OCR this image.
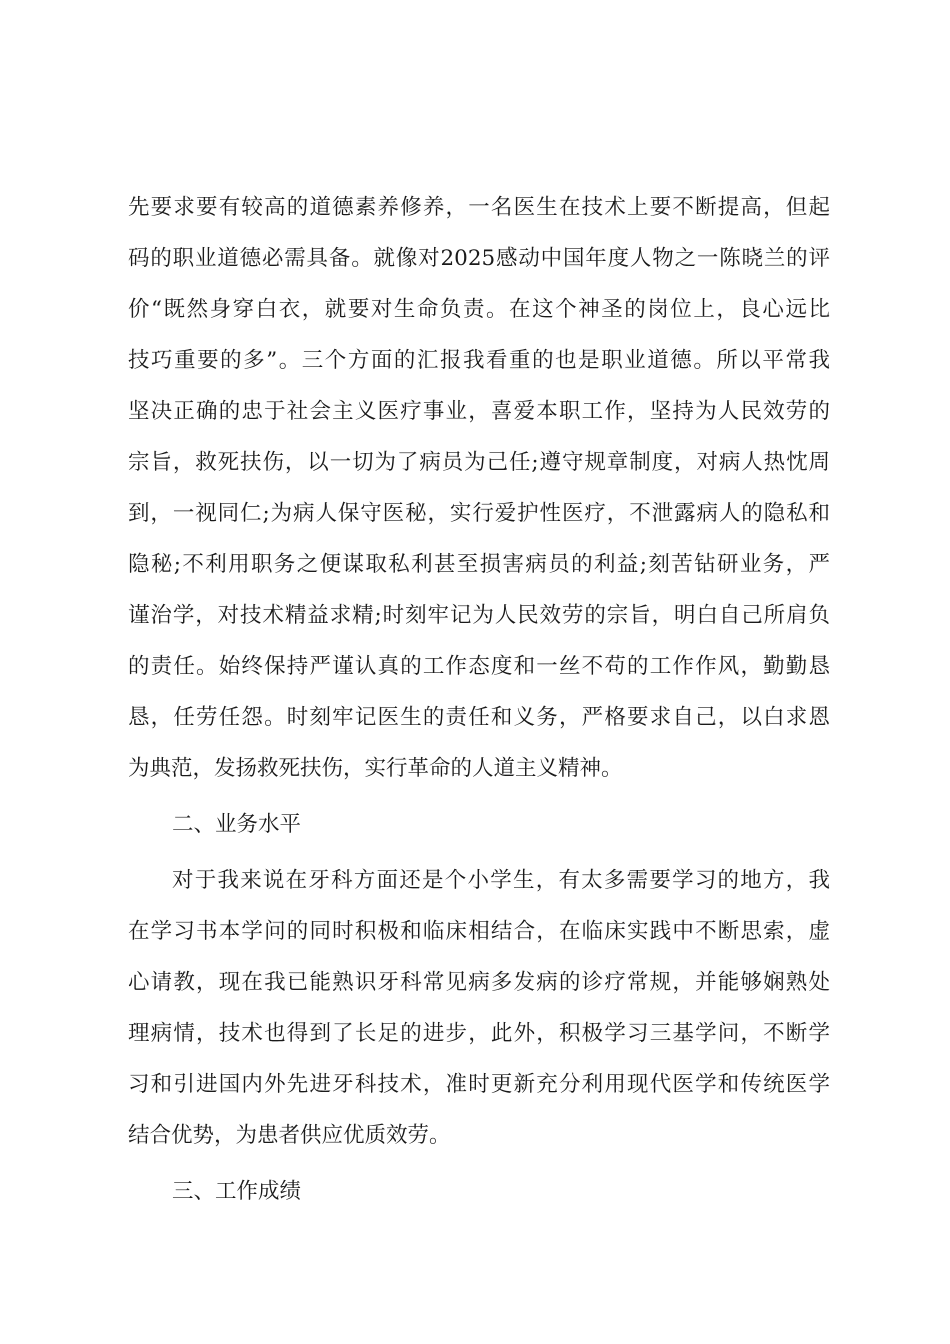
先要求要有较高的道德素养修养，一名医生在技术上要不断提高，但起
码的职业道德必需具备。就像对2025感动中国年度人物之一陈晓兰的评
价“既然身穿白衣，就要对生命负责。在这个神圣的岗位上，良心远比
技巧重要的多”。三个方面的汇报我看重的也是职业道德。所以平常我
坚决正确的忠于社会主义医疗事业，喜爱本职工作，坚持为人民效劳的
宗旨，救死扶伤，以一切为了病员为己任;遵守规章制度，对病人热忱周
到，一视同仁;为病人保守医秘，实行爱护性医疗，不泄露病人的隐私和
隐秘;不利用职务之便谋取私利甚至损害病员的利益;刻苦钻研业务，严
谨治学，对技术精益求精;时刻牢记为人民效劳的宗旨，明白自己所肩负
的责任。始终保持严谨认真的工作态度和一丝不苟的工作作风，勤勤恳
恳，任劳任怨。时刻牢记医生的责任和义务，严格要求自己，以白求恩
为典范，发扬救死扶伤，实行革命的人道主义精神。
二、业务水平
对于我来说在牙科方面还是个小学生，有太多需要学习的地方，我
在学习书本学问的同时积极和临床相结合，在临床实践中不断思索，虚
心请教，现在我已能熟识牙科常见病多发病的诊疗常规，并能够娴熟处
理病情，技术也得到了长足的进步，此外，积极学习三基学问，不断学
习和引进国内外先进牙科技术，准时更新充分利用现代医学和传统医学
结合优势，为患者供应优质效劳。
三、工作成绩
